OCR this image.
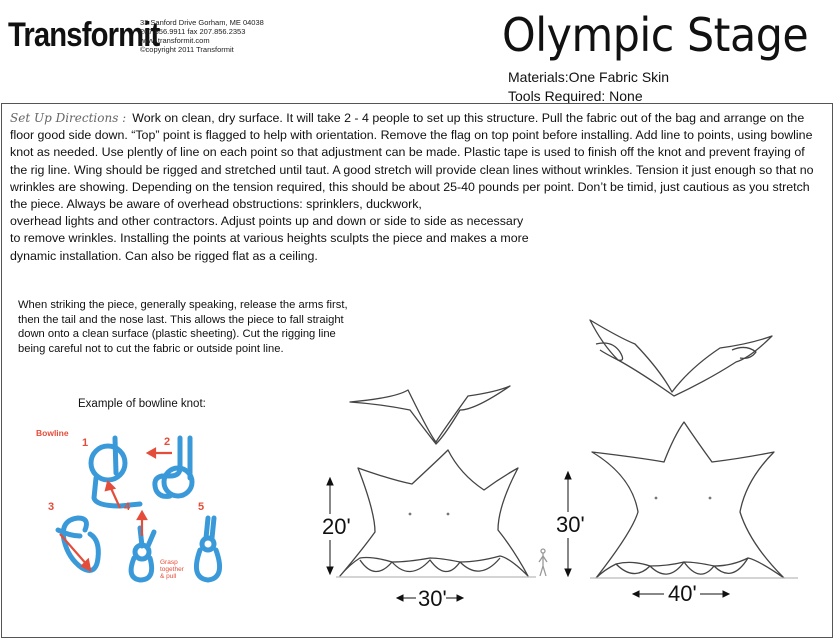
Transformit
33 Sanford Drive Gorham, ME 04038
207.856.9911 fax 207.856.2353
www.transformit.com
©copyright 2011 Transformit	Olympic Stage
Materials:One Fabric Skin
Tools Required: None
Set Up Directions : Work on clean, dry surface. It will take 2 - 4 people to set up this structure. Pull the fabric out of the bag and arrange on the floor good side down. “Top” point is flagged to help with orientation. Remove the flag on top point before installing. Add line to points, using bowline knot as needed. Use plently of line on each point so that adjustment can be made. Plastic tape is used to finish off the knot and prevent fraying of the rig line. Wing should be rigged and stretched until taut. A good stretch will provide clean lines without wrinkles. Tension it just enough so that no wrinkles are showing. Depending on the tension required, this should be about 25-40 pounds per point. Don’t be timid, just cautious as you stretch the piece. Always be aware of overhead obstructions: sprinklers, duckwork,
overhead lights and other contractors. Adjust points up and down or side to side as necessary to remove wrinkles. Installing the points at various heights sculpts the piece and makes a more dynamic installation. Can also be rigged flat as a ceiling.
When striking the piece, generally speaking, release the arms first, then the tail and the nose last. This allows the piece to fall straight down onto a clean surface (plastic sheeting). Cut the rigging line being careful not to cut the fabric or outside point line.
Example of bowline knot:
Bowline
1	2
3	4	5
Grasp
together
& pull
20'
30'
30'
40'
